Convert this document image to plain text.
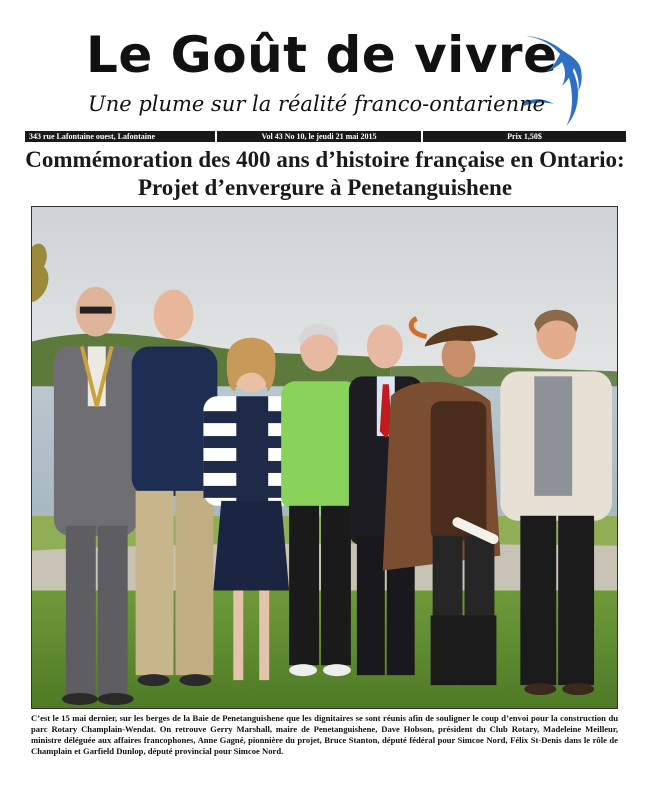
Le Goût de vivre
Une plume sur la réalité franco-ontarienne
343 rue Lafontaine ouest, Lafontaine	Vol 43 No 10, le jeudi 21 mai 2015	Prix 1,50$
Commémoration des 400 ans d’histoire française en Ontario:
Projet d’envergure à Penetanguishene

C’est le 15 mai dernier, sur les berges de la Baie de Penetanguishene que les dignitaires se sont réunis afin de souligner le coup d’envoi pour la construction du parc Rotary Champlain-Wendat. On retrouve Gerry Marshall, maire de Penetanguishene, Dave Hobson, président du Club Rotary, Madeleine Meilleur, ministre déléguée aux affaires francophones, Anne Gagné, pionnière du projet, Bruce Stanton, député fédéral pour Simcoe Nord, Félix St-Denis dans le rôle de Champlain et Garfield Dunlop, député provincial pour Simcoe Nord.
